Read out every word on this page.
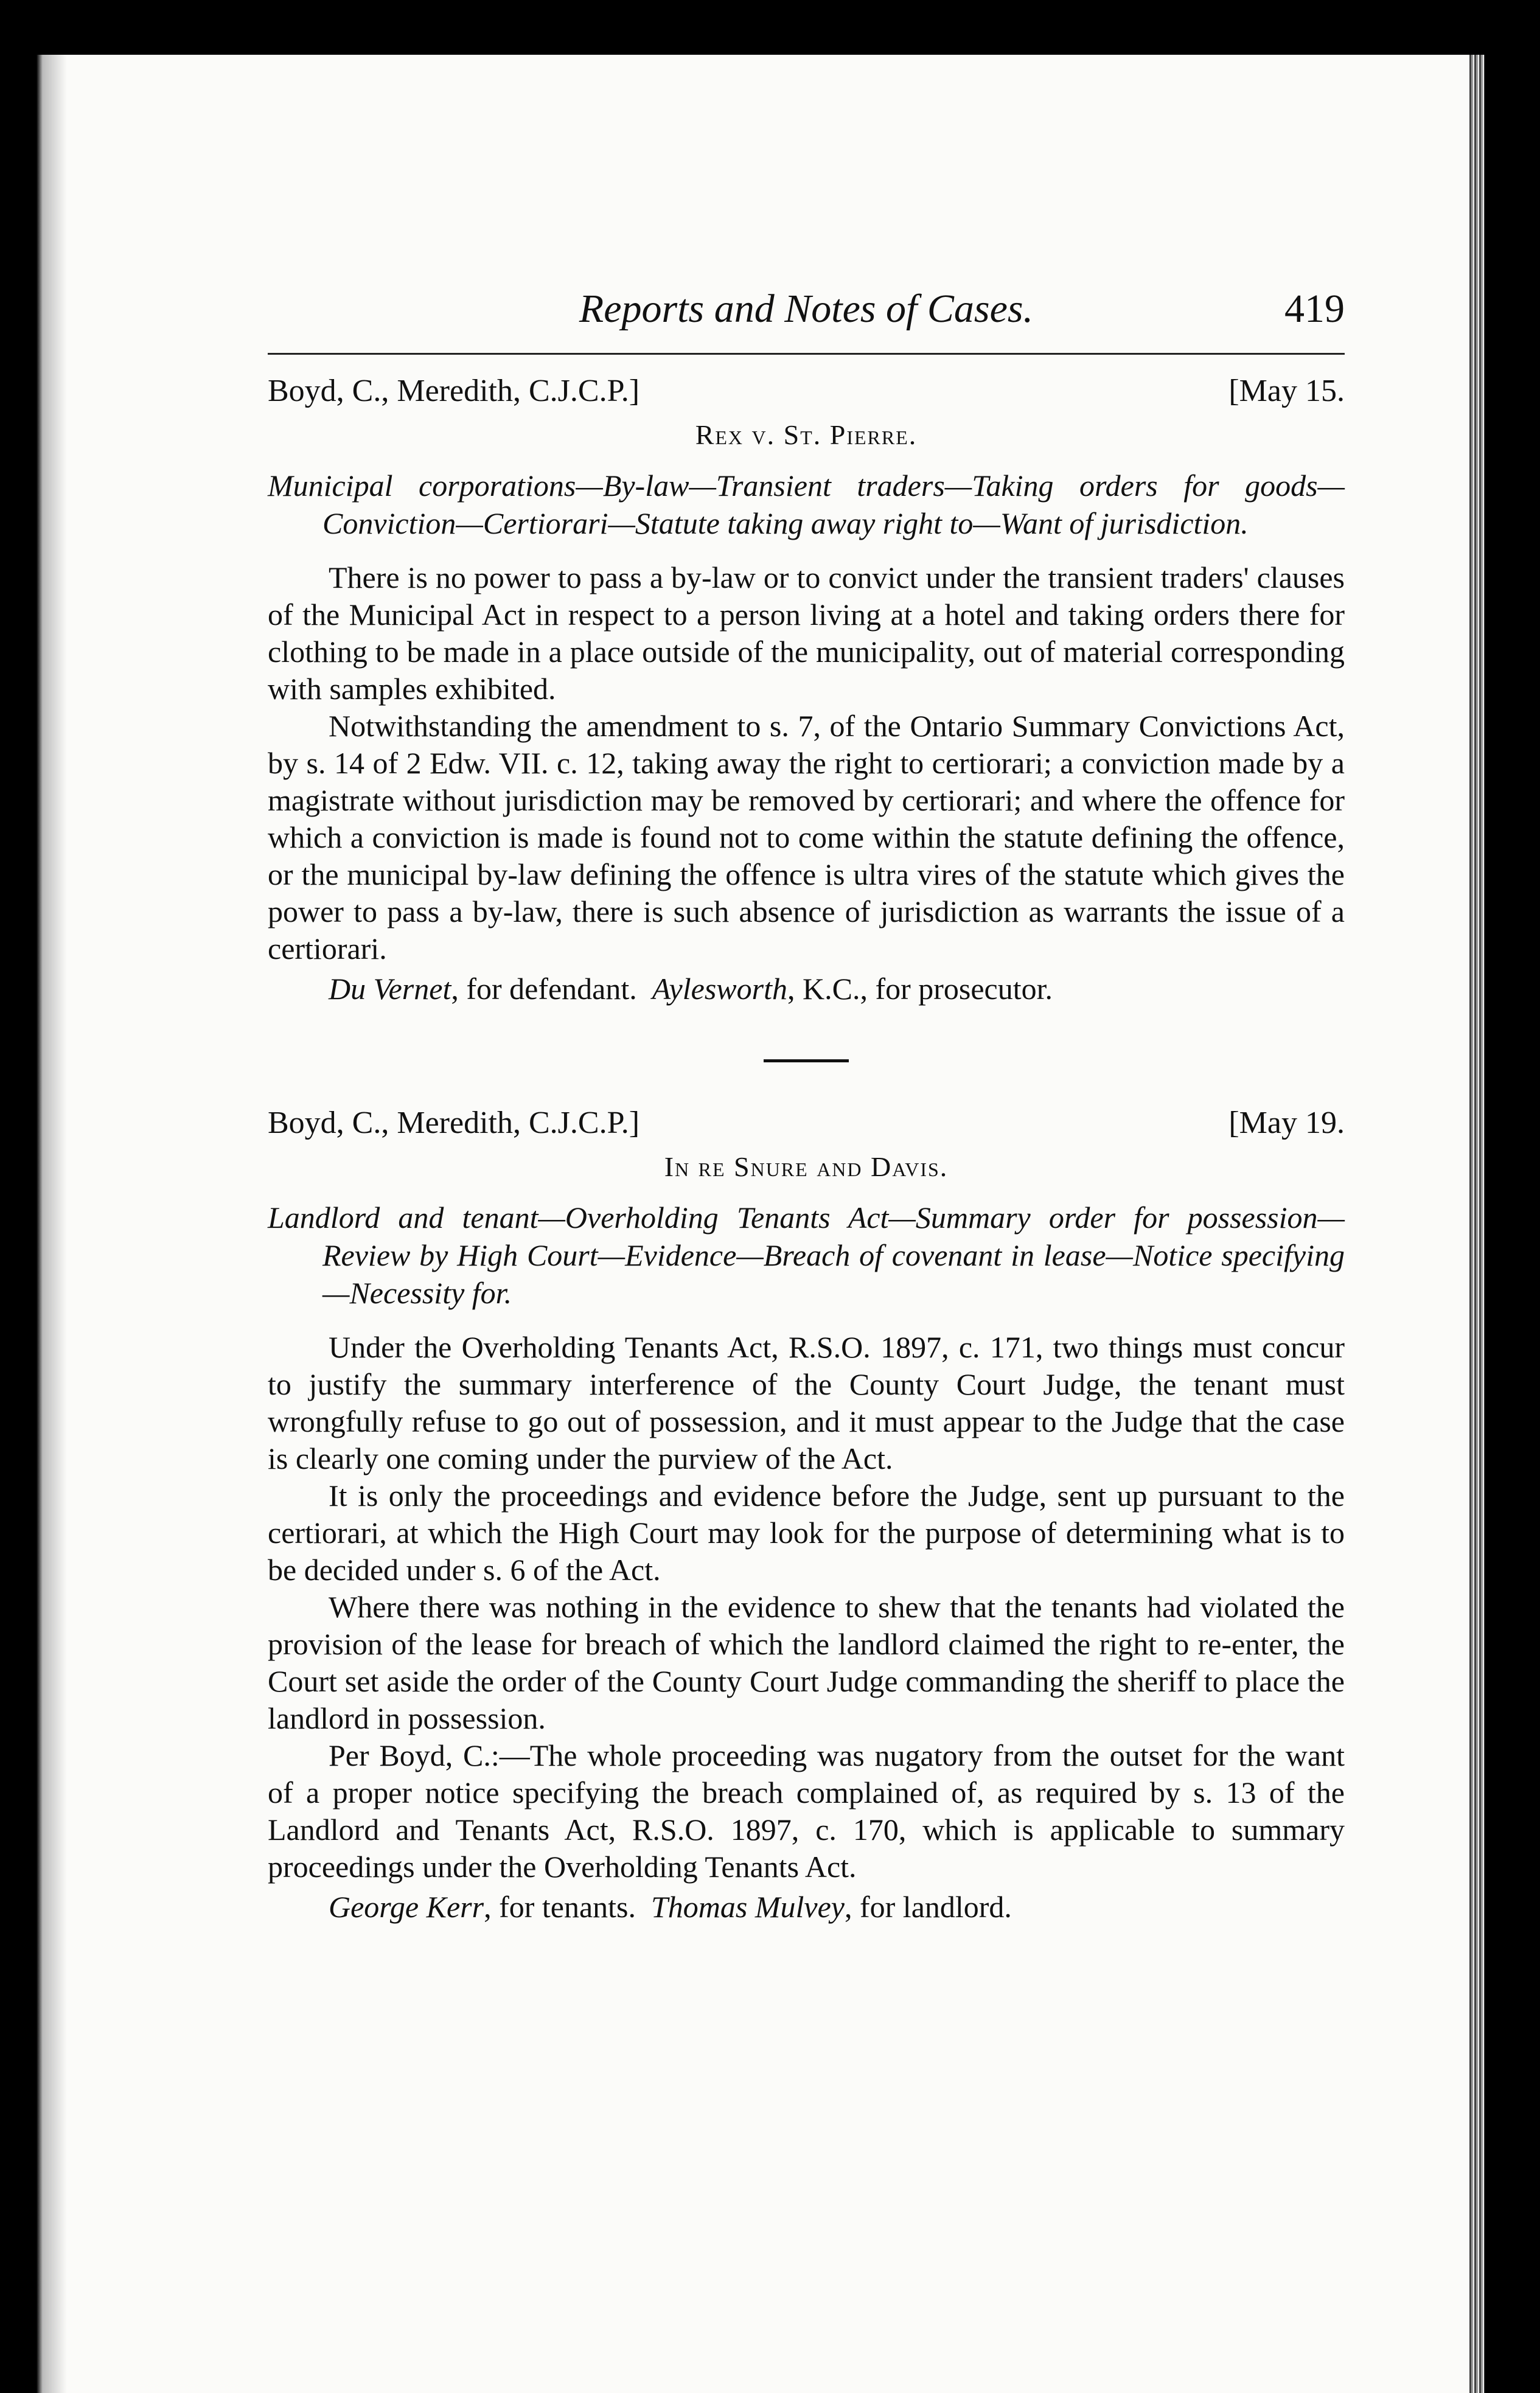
Reports and Notes of Cases.	419
Boyd, C., Meredith, C.J.C.P.]	[May 15.
Rex v. St. Pierre.
Municipal corporations—By-law—Transient traders—Taking orders for goods—Conviction—Certiorari—Statute taking away right to—Want of jurisdiction.

There is no power to pass a by-law or to convict under the transient traders' clauses of the Municipal Act in respect to a person living at a hotel and taking orders there for clothing to be made in a place outside of the municipality, out of material corresponding with samples exhibited.

Notwithstanding the amendment to s. 7, of the Ontario Summary Convictions Act, by s. 14 of 2 Edw. VII. c. 12, taking away the right to certiorari; a conviction made by a magistrate without jurisdiction may be removed by certiorari; and where the offence for which a conviction is made is found not to come within the statute defining the offence, or the municipal by-law defining the offence is ultra vires of the statute which gives the power to pass a by-law, there is such absence of jurisdiction as warrants the issue of a certiorari.

Du Vernet, for defendant. Aylesworth, K.C., for prosecutor.
Boyd, C., Meredith, C.J.C.P.]	[May 19.
In re Snure and Davis.
Landlord and tenant—Overholding Tenants Act—Summary order for possession—Review by High Court—Evidence—Breach of covenant in lease—Notice specifying—Necessity for.

Under the Overholding Tenants Act, R.S.O. 1897, c. 171, two things must concur to justify the summary interference of the County Court Judge, the tenant must wrongfully refuse to go out of possession, and it must appear to the Judge that the case is clearly one coming under the purview of the Act.

It is only the proceedings and evidence before the Judge, sent up pursuant to the certiorari, at which the High Court may look for the purpose of determining what is to be decided under s. 6 of the Act.

Where there was nothing in the evidence to shew that the tenants had violated the provision of the lease for breach of which the landlord claimed the right to re-enter, the Court set aside the order of the County Court Judge commanding the sheriff to place the landlord in possession.

Per Boyd, C.:—The whole proceeding was nugatory from the outset for the want of a proper notice specifying the breach complained of, as required by s. 13 of the Landlord and Tenants Act, R.S.O. 1897, c. 170, which is applicable to summary proceedings under the Overholding Tenants Act.

George Kerr, for tenants. Thomas Mulvey, for landlord.
